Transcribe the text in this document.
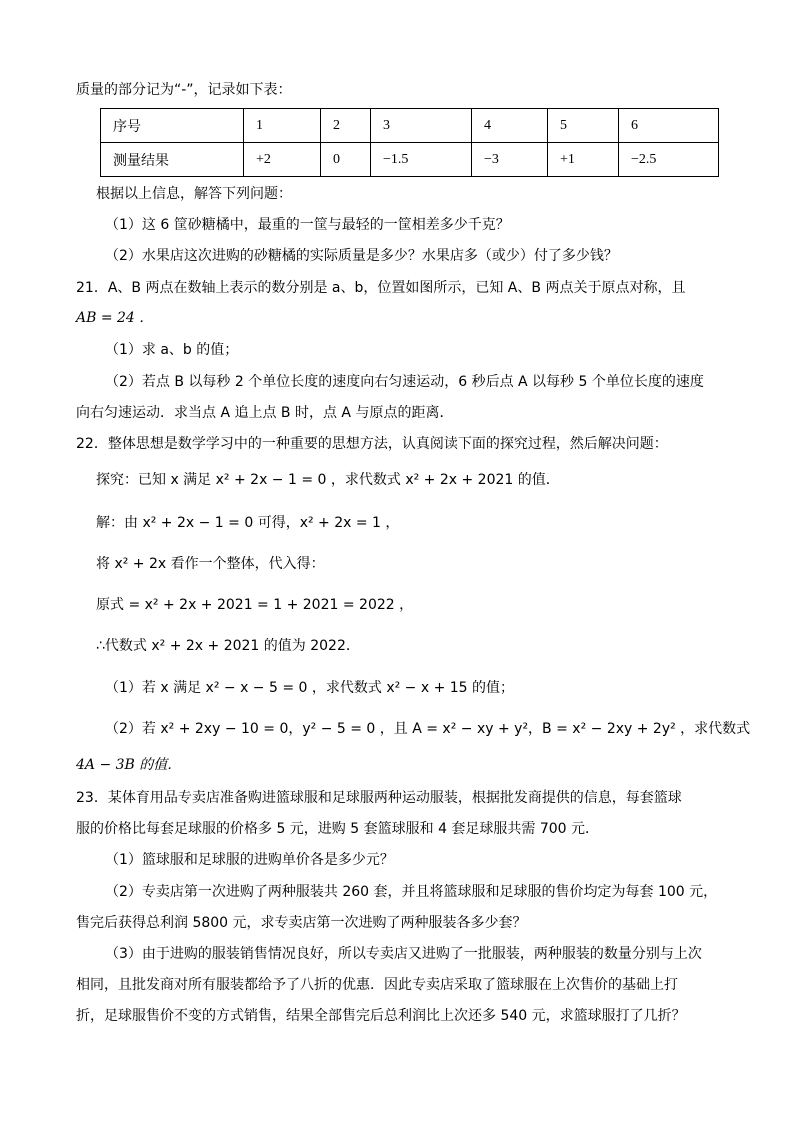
质量的部分记为“-”，记录如下表：
序号	1	2	3	4	5	6
测量结果	+2	0	−1.5	−3	+1	−2.5
根据以上信息，解答下列问题：
（1）这 6 筐砂糖橘中，最重的一筐与最轻的一筐相差多少千克？
（2）水果店这次进购的砂糖橘的实际质量是多少？水果店多（或少）付了多少钱？
21．A、B 两点在数轴上表示的数分别是 a、b，位置如图所示，已知 A、B 两点关于原点对称，且
AB = 24 ．
（1）求 a、b 的值；
（2）若点 B 以每秒 2 个单位长度的速度向右匀速运动，6 秒后点 A 以每秒 5 个单位长度的速度
向右匀速运动．求当点 A 追上点 B 时，点 A 与原点的距离．
22．整体思想是数学学习中的一种重要的思想方法，认真阅读下面的探究过程，然后解决问题：
探究：已知 x 满足 x² + 2x − 1 = 0 ，求代数式 x² + 2x + 2021 的值．
解：由 x² + 2x − 1 = 0 可得，x² + 2x = 1 ，
将 x² + 2x 看作一个整体，代入得：
原式 = x² + 2x + 2021 = 1 + 2021 = 2022 ，
∴代数式 x² + 2x + 2021 的值为 2022．
（1）若 x 满足 x² − x − 5 = 0 ，求代数式 x² − x + 15 的值；
（2）若 x² + 2xy − 10 = 0，y² − 5 = 0 ，且 A = x² − xy + y²，B = x² − 2xy + 2y² ，求代数式
4A − 3B 的值．
23．某体育用品专卖店准备购进篮球服和足球服两种运动服装，根据批发商提供的信息，每套篮球
服的价格比每套足球服的价格多 5 元，进购 5 套篮球服和 4 套足球服共需 700 元．
（1）篮球服和足球服的进购单价各是多少元？
（2）专卖店第一次进购了两种服装共 260 套，并且将篮球服和足球服的售价均定为每套 100 元，
售完后获得总利润 5800 元，求专卖店第一次进购了两种服装各多少套？
（3）由于进购的服装销售情况良好，所以专卖店又进购了一批服装，两种服装的数量分别与上次
相同，且批发商对所有服装都给予了八折的优惠．因此专卖店采取了篮球服在上次售价的基础上打
折，足球服售价不变的方式销售，结果全部售完后总利润比上次还多 540 元，求篮球服打了几折？
